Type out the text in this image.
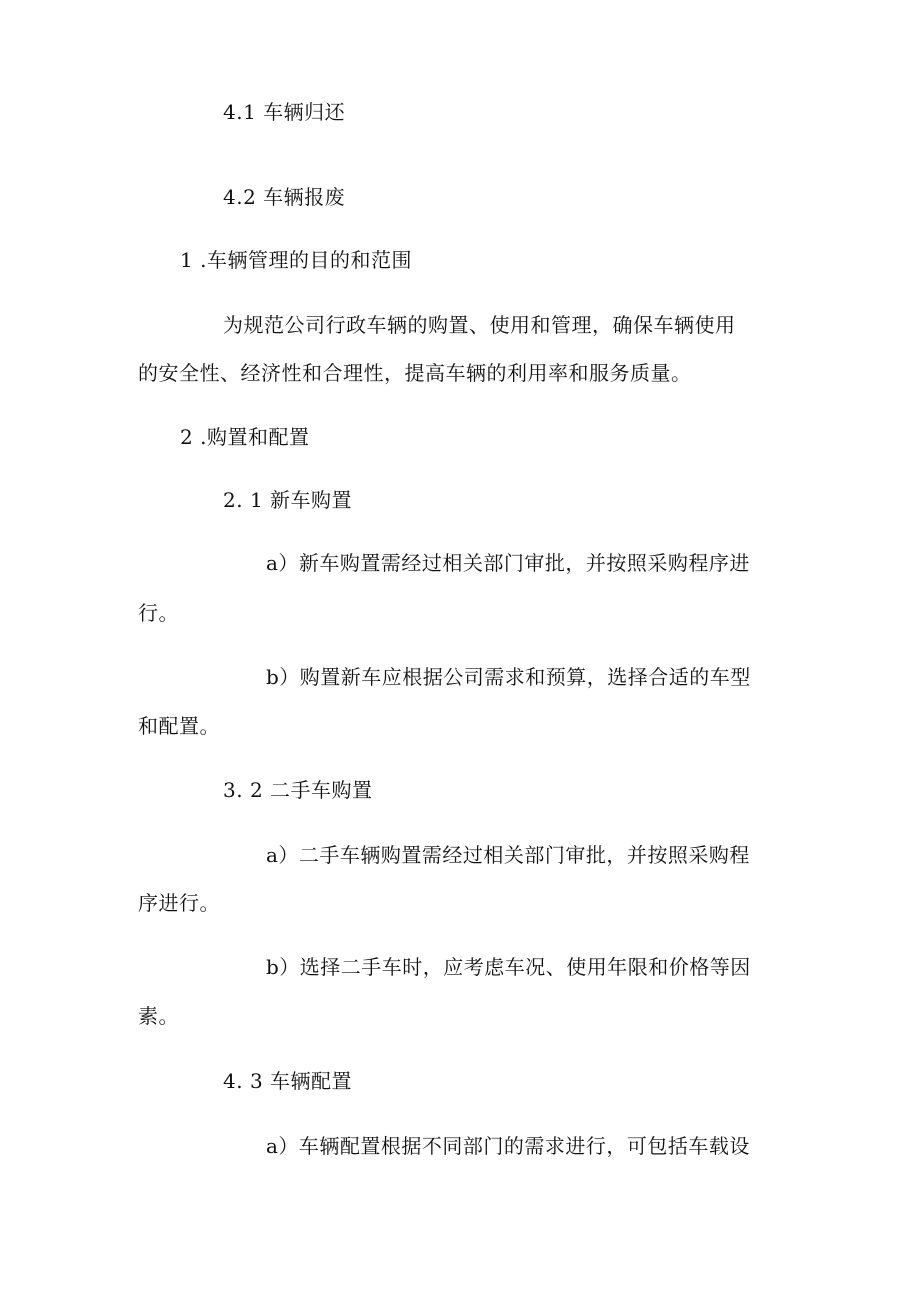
4.1 车辆归还
4.2 车辆报废
1 .车辆管理的目的和范围
为规范公司行政车辆的购置、使用和管理，确保车辆使用
的安全性、经济性和合理性，提高车辆的利用率和服务质量。
2 .购置和配置
2. 1 新车购置
a）新车购置需经过相关部门审批，并按照采购程序进
行。
b）购置新车应根据公司需求和预算，选择合适的车型
和配置。
3. 2 二手车购置
a）二手车辆购置需经过相关部门审批，并按照采购程
序进行。
b）选择二手车时，应考虑车况、使用年限和价格等因
素。
4. 3 车辆配置
a）车辆配置根据不同部门的需求进行，可包括车载设
